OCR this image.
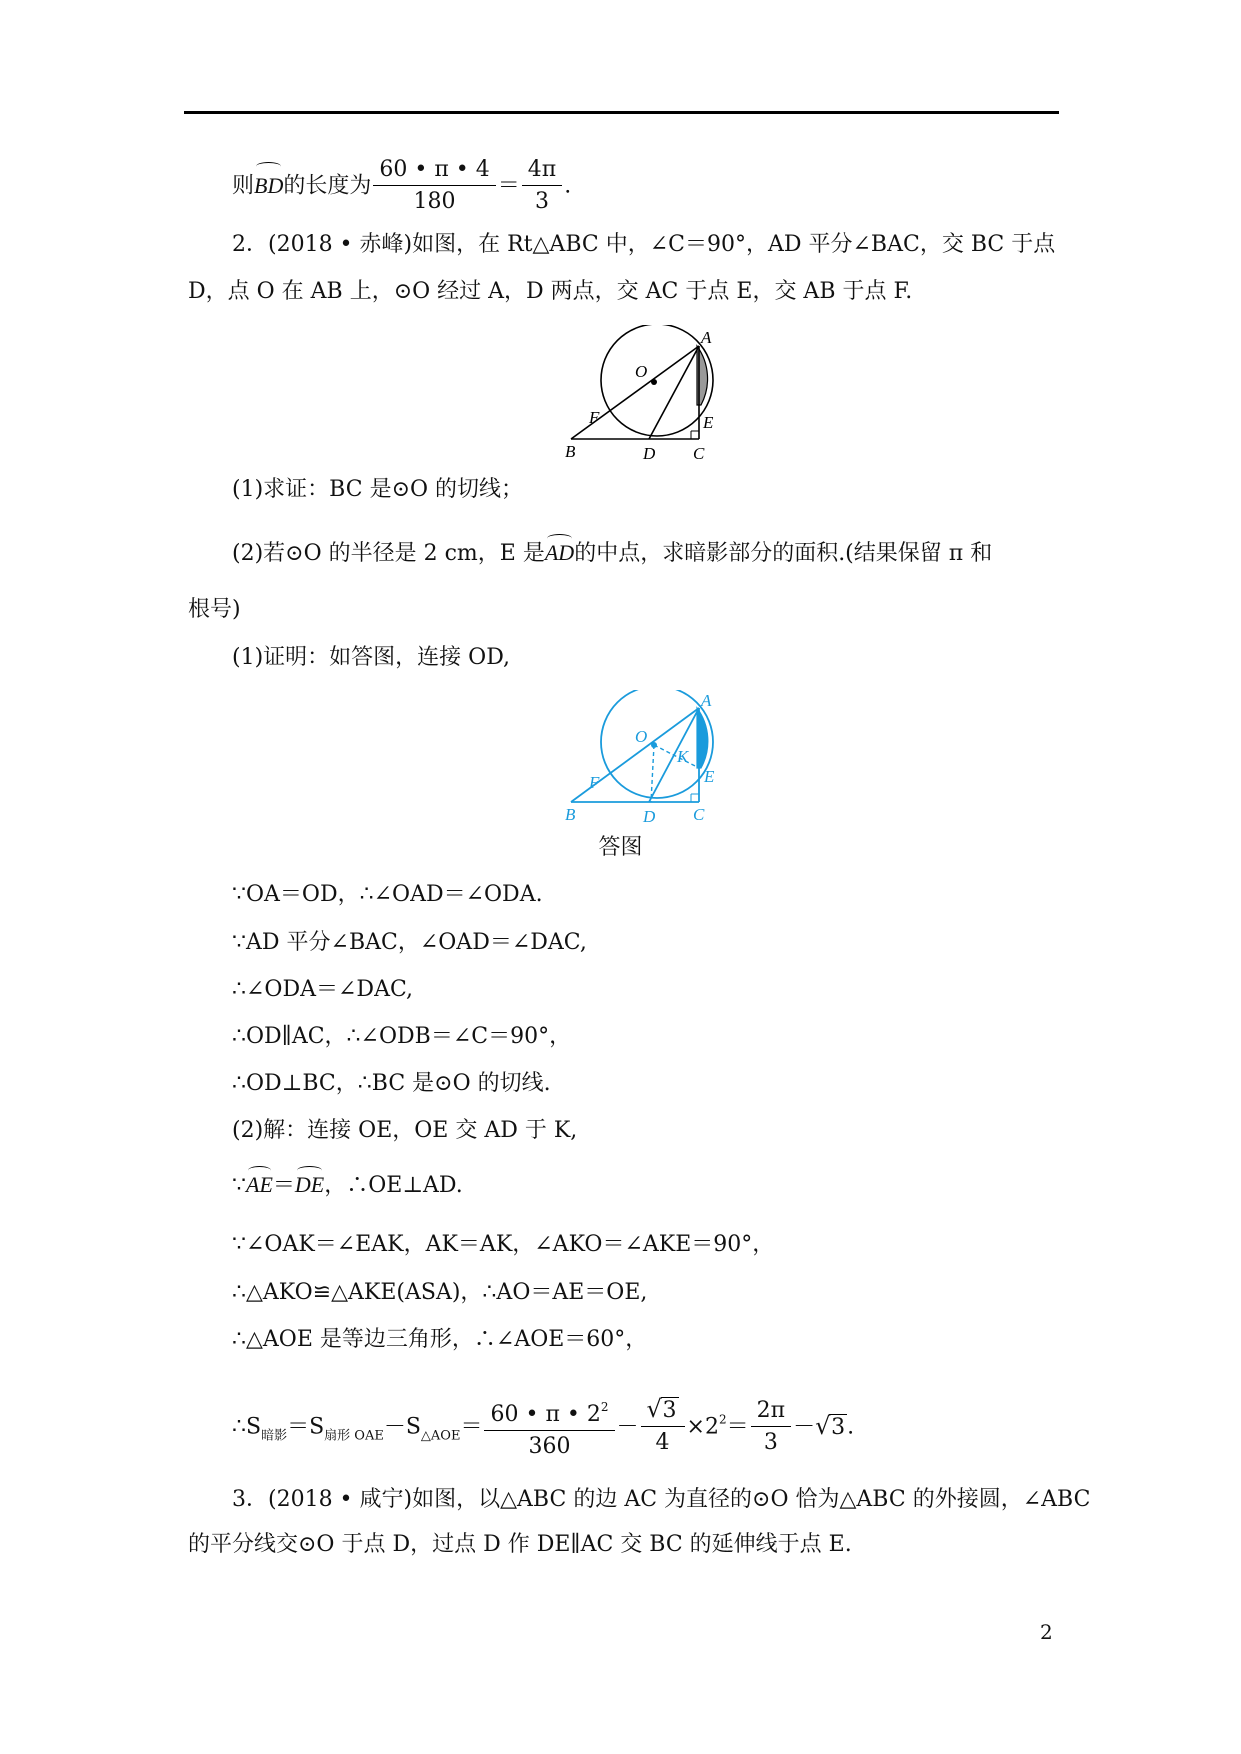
则BD的长度为 $\frac{60 • \pi • 4}{180} = \frac{4\pi}{3}$ .
2．(2018 • 赤峰)如图，在 Rt△ABC 中，∠C＝90°，AD 平分∠BAC，交 BC 于点
D，点 O 在 AB 上，⊙O 经过 A，D 两点，交 AC 于点 E，交 AB 于点 F.
A
O
F
B	D C
E
(1)求证：BC 是⊙O 的切线；
(2)若⊙O 的半径是 2 cm，E 是AD的中点，求暗影部分的面积.(结果保留 π 和
根号)
(1)证明：如答图，连接 OD,
A
O
K
F	E
B	D C
答图
∵OA＝OD，∴∠OAD＝∠ODA.
∵AD 平分∠BAC，∠OAD＝∠DAC,
∴∠ODA＝∠DAC,
∴OD∥AC，∴∠ODB＝∠C＝90°，
∴OD⊥BC，∴BC 是⊙O 的切线.
(2)解：连接 OE，OE 交 AD 于 K,
∵AE＝DE，∴OE⊥AD.
∵∠OAK＝∠EAK，AK＝AK，∠AKO＝∠AKE＝90°，
∴△AKO≌△AKE(ASA)，∴AO＝AE＝OE,
∴△AOE 是等边三角形，∴∠AOE＝60°，
$\therefore S_{暗影}=S_{扇形 OAE}-S_{\triangle AOE}= \frac{60 • \pi • 2^2}{360}$ － √ $\frac{3}{4} \times 2^2= \frac{2\pi}{3}$ － √ 3.
3．(2018 • 咸宁)如图，以△ABC 的边 AC 为直径的⊙O 恰为△ABC 的外接圆，∠ABC
的平分线交⊙O 于点 D，过点 D 作 DE∥AC 交 BC 的延伸线于点 E.
2
